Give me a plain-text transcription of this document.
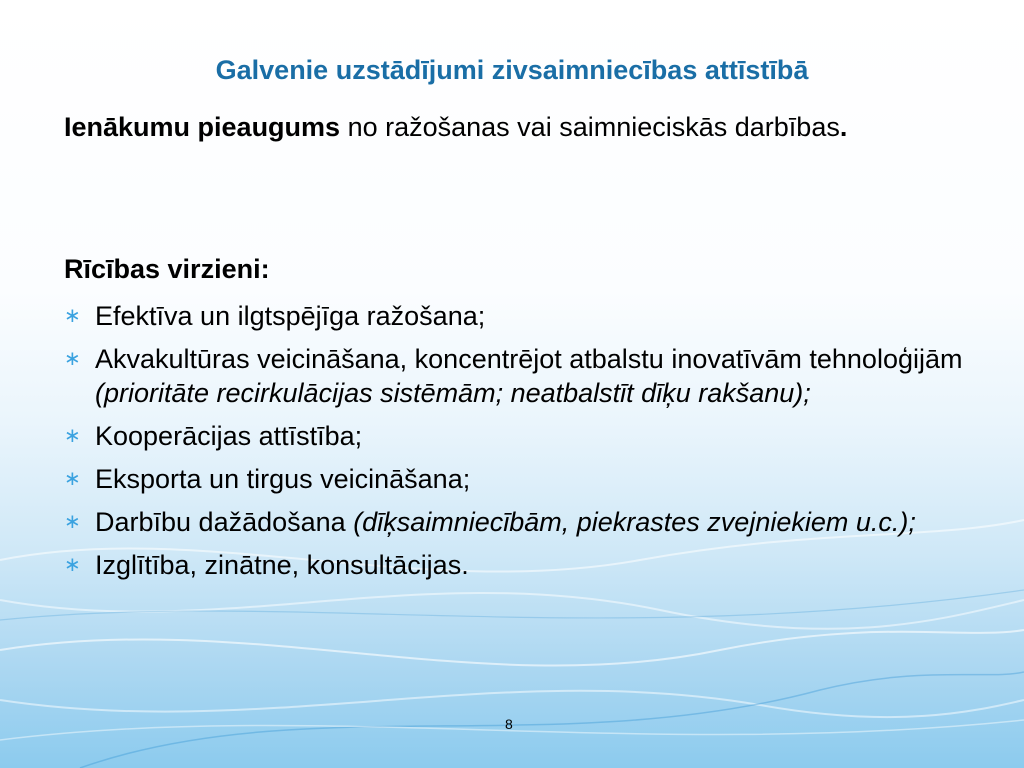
Galvenie uzstādījumi zivsaimniecības attīstībā
Ienākumu pieaugums no ražošanas vai saimnieciskās darbības.
Rīcības virzieni:
∗ Efektīva un ilgtspējīga ražošana;
∗ Akvakultūras veicināšana, koncentrējot atbalstu inovatīvām tehnoloģijām (prioritāte recirkulācijas sistēmām; neatbalstīt dīķu rakšanu);
∗ Kooperācijas attīstība;
∗ Eksporta un tirgus veicināšana;
∗ Darbību dažādošana (dīķsaimniecībām, piekrastes zvejniekiem u.c.);
∗ Izglītība, zinātne, konsultācijas.
8
